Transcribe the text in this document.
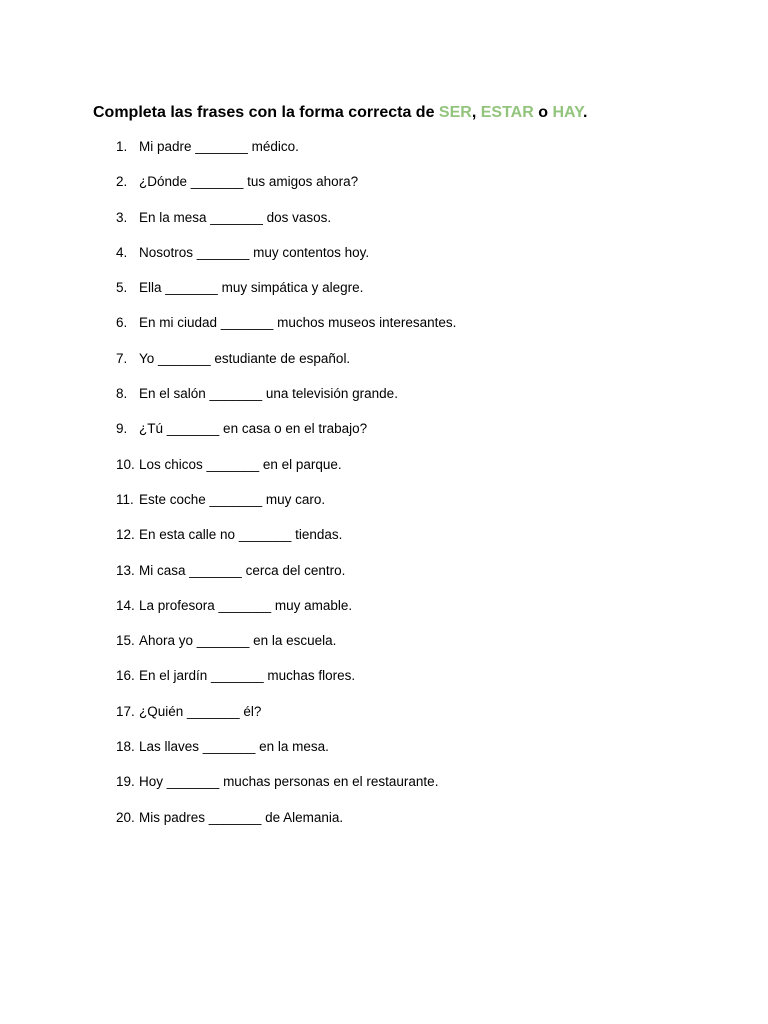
Completa las frases con la forma correcta de SER, ESTAR o HAY.
1. Mi padre _______ médico.
2. ¿Dónde _______ tus amigos ahora?
3. En la mesa _______ dos vasos.
4. Nosotros _______ muy contentos hoy.
5. Ella _______ muy simpática y alegre.
6. En mi ciudad _______ muchos museos interesantes.
7. Yo _______ estudiante de español.
8. En el salón _______ una televisión grande.
9. ¿Tú _______ en casa o en el trabajo?
10. Los chicos _______ en el parque.
11. Este coche _______ muy caro.
12. En esta calle no _______ tiendas.
13. Mi casa _______ cerca del centro.
14. La profesora _______ muy amable.
15. Ahora yo _______ en la escuela.
16. En el jardín _______ muchas flores.
17. ¿Quién _______ él?
18. Las llaves _______ en la mesa.
19. Hoy _______ muchas personas en el restaurante.
20. Mis padres _______ de Alemania.
